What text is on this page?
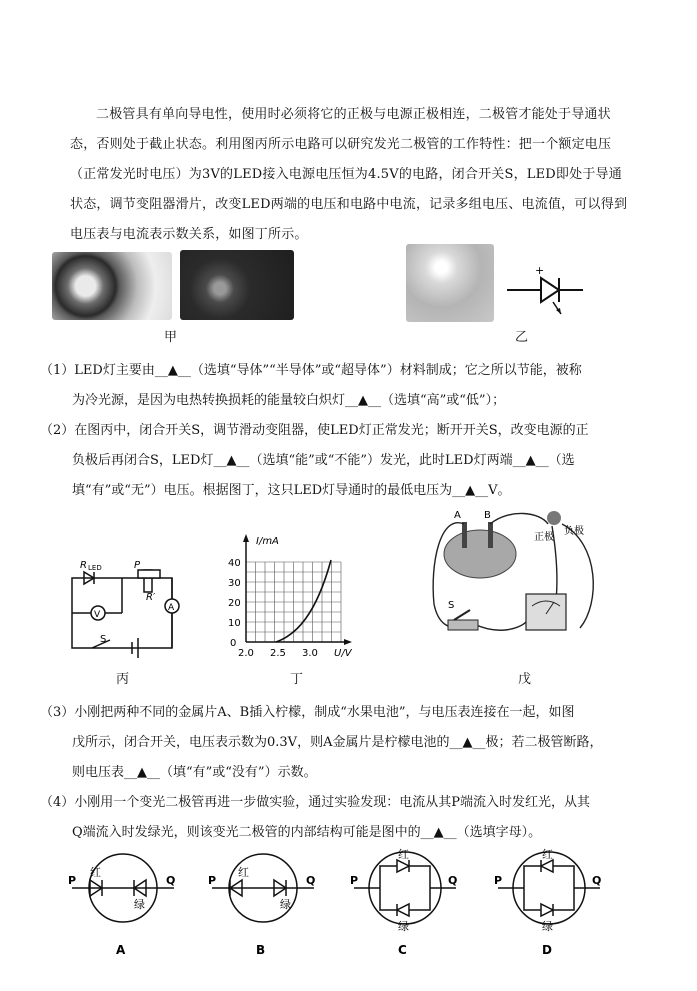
二极管具有单向导电性，使用时必须将它的正极与电源正极相连，二极管才能处于导通状态，否则处于截止状态。利用图丙所示电路可以研究发光二极管的工作特性：把一个额定电压（正常发光时电压）为3V的LED接入电源电压恒为4.5V的电路，闭合开关S，LED即处于导通状态，调节变阻器滑片，改变LED两端的电压和电路中电流，记录多组电压、电流值，可以得到电压表与电流表示数关系，如图丁所示。
甲
+
乙
（1）LED灯主要由__▲__（选填“导体”“半导体”或“超导体”）材料制成；它之所以节能，被称
为冷光源，是因为电热转换损耗的能量较白炽灯__▲__（选填“高”或“低”）；
（2）在图丙中，闭合开关S，调节滑动变阻器，使LED灯正常发光；断开开关S，改变电源的正
负极后再闭合S，LED灯__▲__（选填“能”或“不能”）发光，此时LED灯两端__▲__（选
填“有”或“无”）电压。根据图丁，这只LED灯导通时的最低电压为__▲__V。
R LED	P
R′
V
A
S
丙
I/mA
U/V
0
10
20
30
40
2.0 2.5 3.0
丁
A B
正极
负极
S
戊
（3）小刚把两种不同的金属片A、B插入柠檬，制成“水果电池”，与电压表连接在一起，如图
戊所示，闭合开关，电压表示数为0.3V，则A金属片是柠檬电池的__▲__极；若二极管断路，
则电压表__▲__（填“有”或“没有”）示数。
（4）小刚用一个变光二极管再进一步做实验，通过实验发现：电流从其P端流入时发红光，从其
Q端流入时发绿光，则该变光二极管的内部结构可能是图中的__▲__（选填字母）。
P	Q
红
绿
A
P	Q
红
绿
B
P	Q
红
绿
C
P	Q
红
绿
D
